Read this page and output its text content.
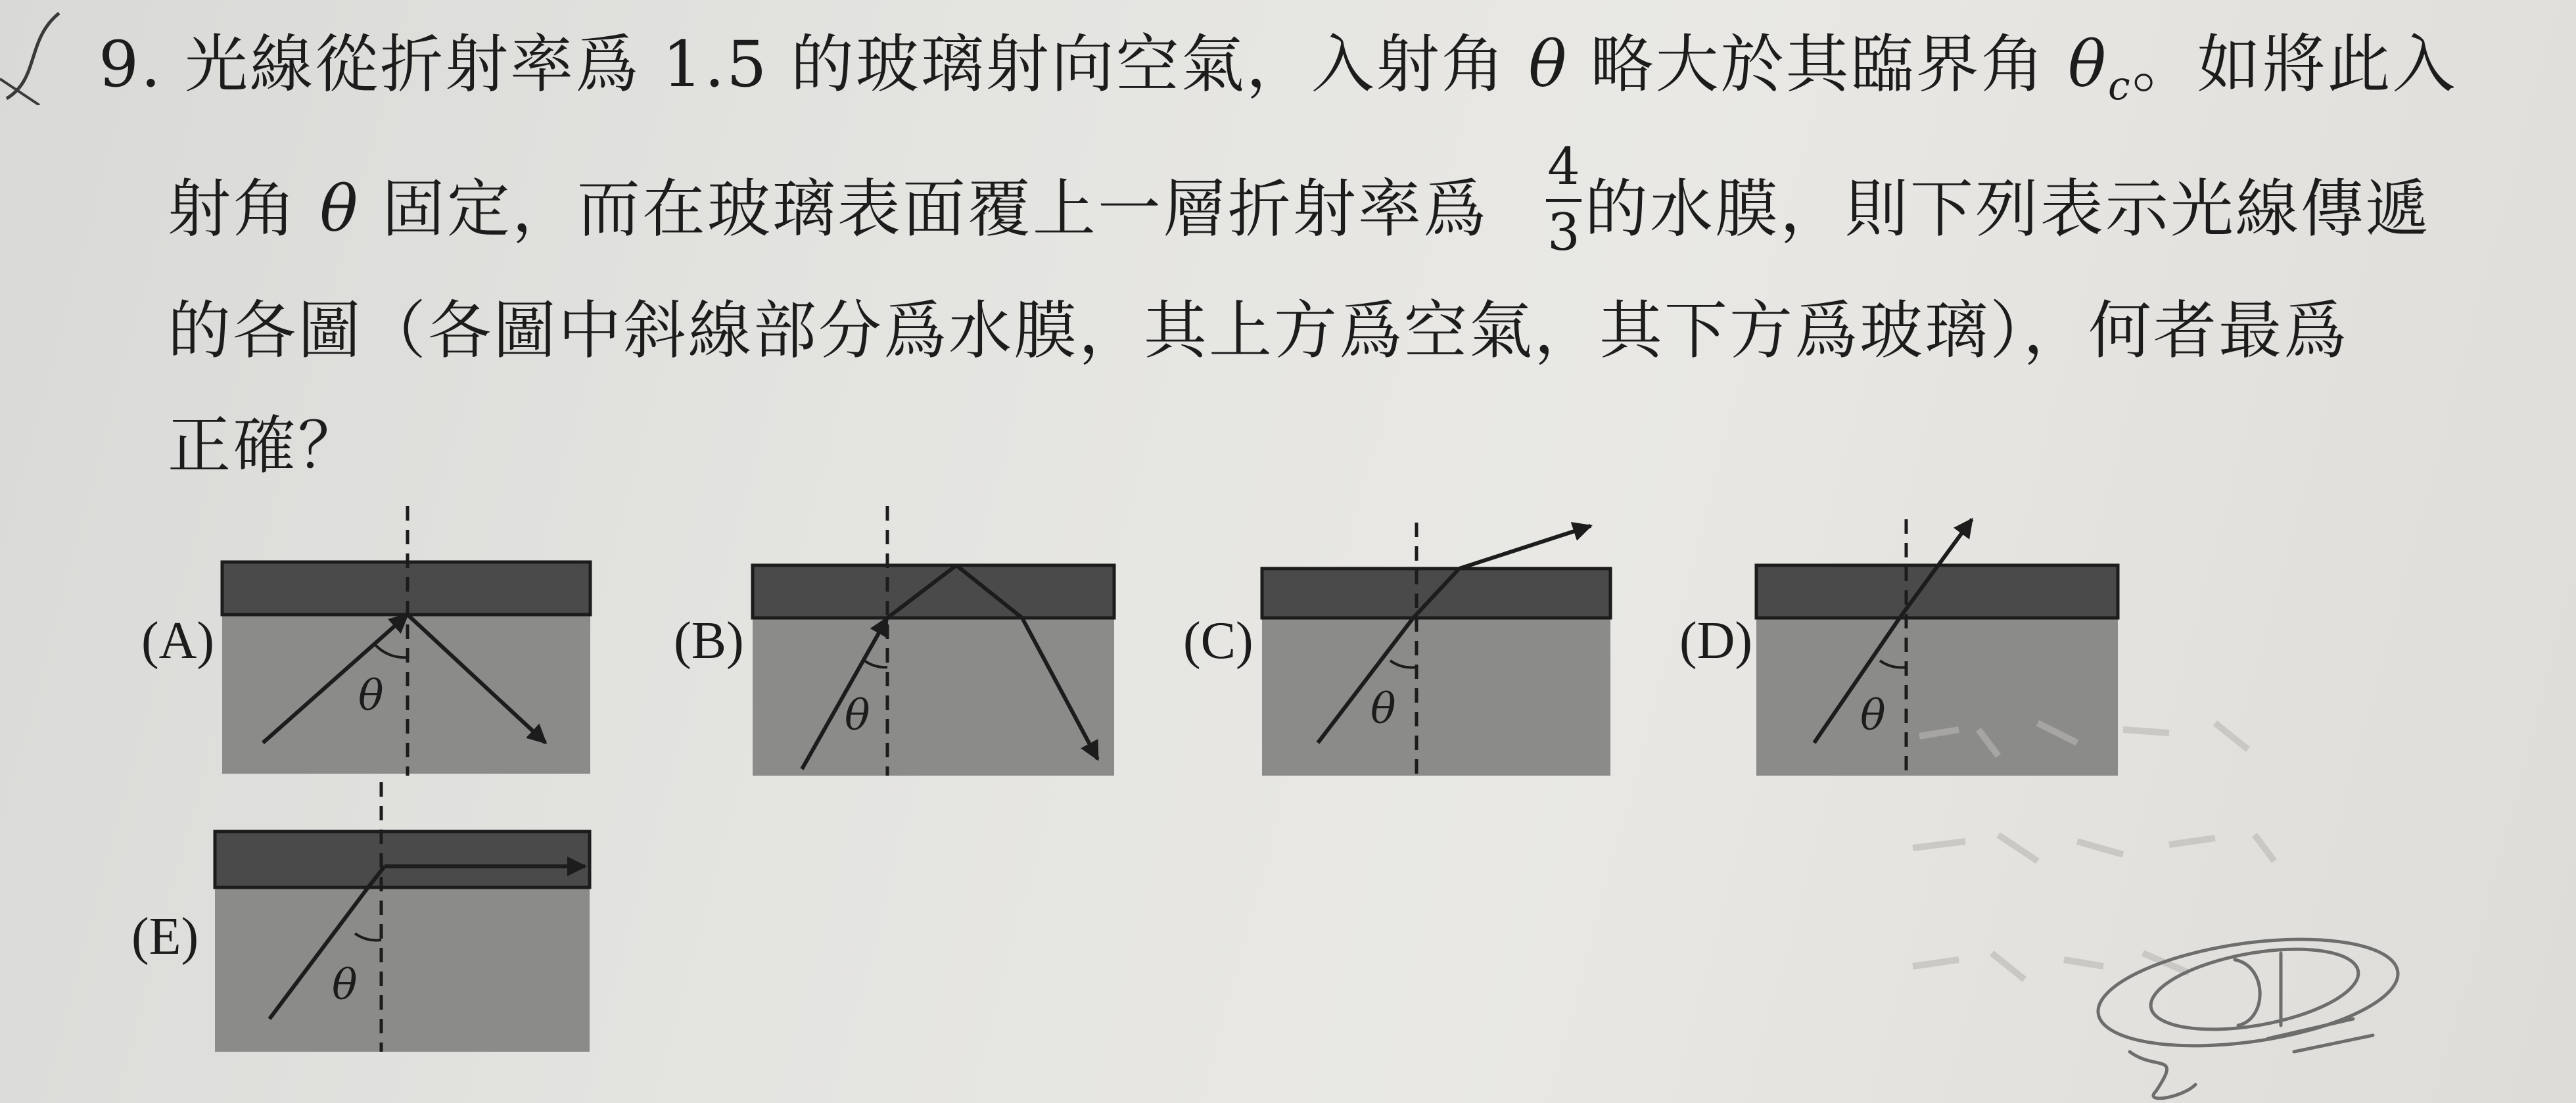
9. 光線從折射率爲 1.5 的玻璃射向空氣，入射角 θ 略大於其臨界角 $\theta_c$。如將此入
射角 θ 固定，而在玻璃表面覆上一層折射率爲 的水膜，則下列表示光線傳遞
4
3
的各圖（各圖中斜線部分爲水膜，其上方爲空氣，其下方爲玻璃），何者最爲
正確？
(A)	(B)	(C)	(D)
(E)
θ	θ	θ	θ
θ
